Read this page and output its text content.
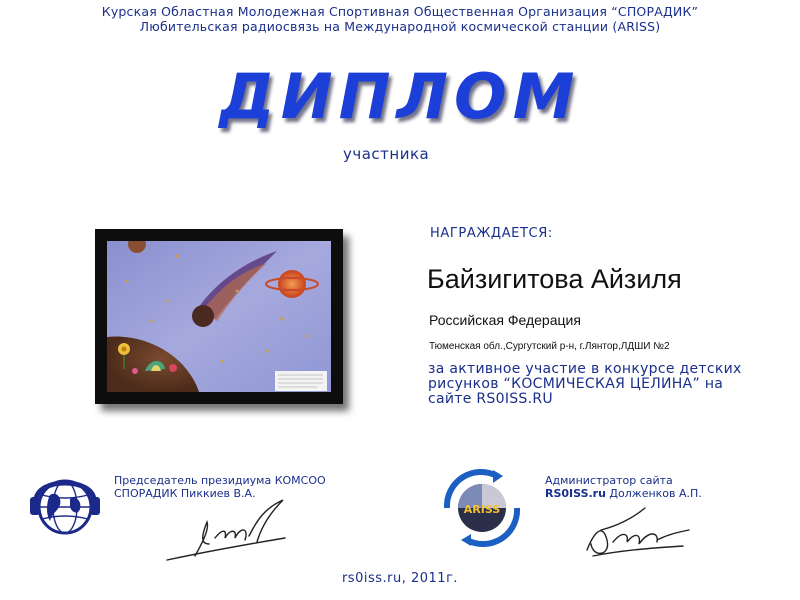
Курская Областная Молодежная Спортивная Общественная Организация “СПОРАДИК”
Любительская радиосвязь на Международной космической станции (ARISS)
ДИПЛОМ
участника
НАГРАЖДАЕТСЯ:
Байзигитова Айзиля
Российская Федерация
Тюменская обл.,Сургутский р-н, г.Лянтор,ЛДШИ №2
за активное участие в конкурсе детских рисунков “КОСМИЧЕСКАЯ ЦЕЛИНА” на сайте RS0ISS.RU
Председатель президиума КОМСОО
СПОРАДИК Пиккиев В.А.
ARISS
Администратор сайта
RS0ISS.ru Долженков А.П.
rs0iss.ru, 2011г.
